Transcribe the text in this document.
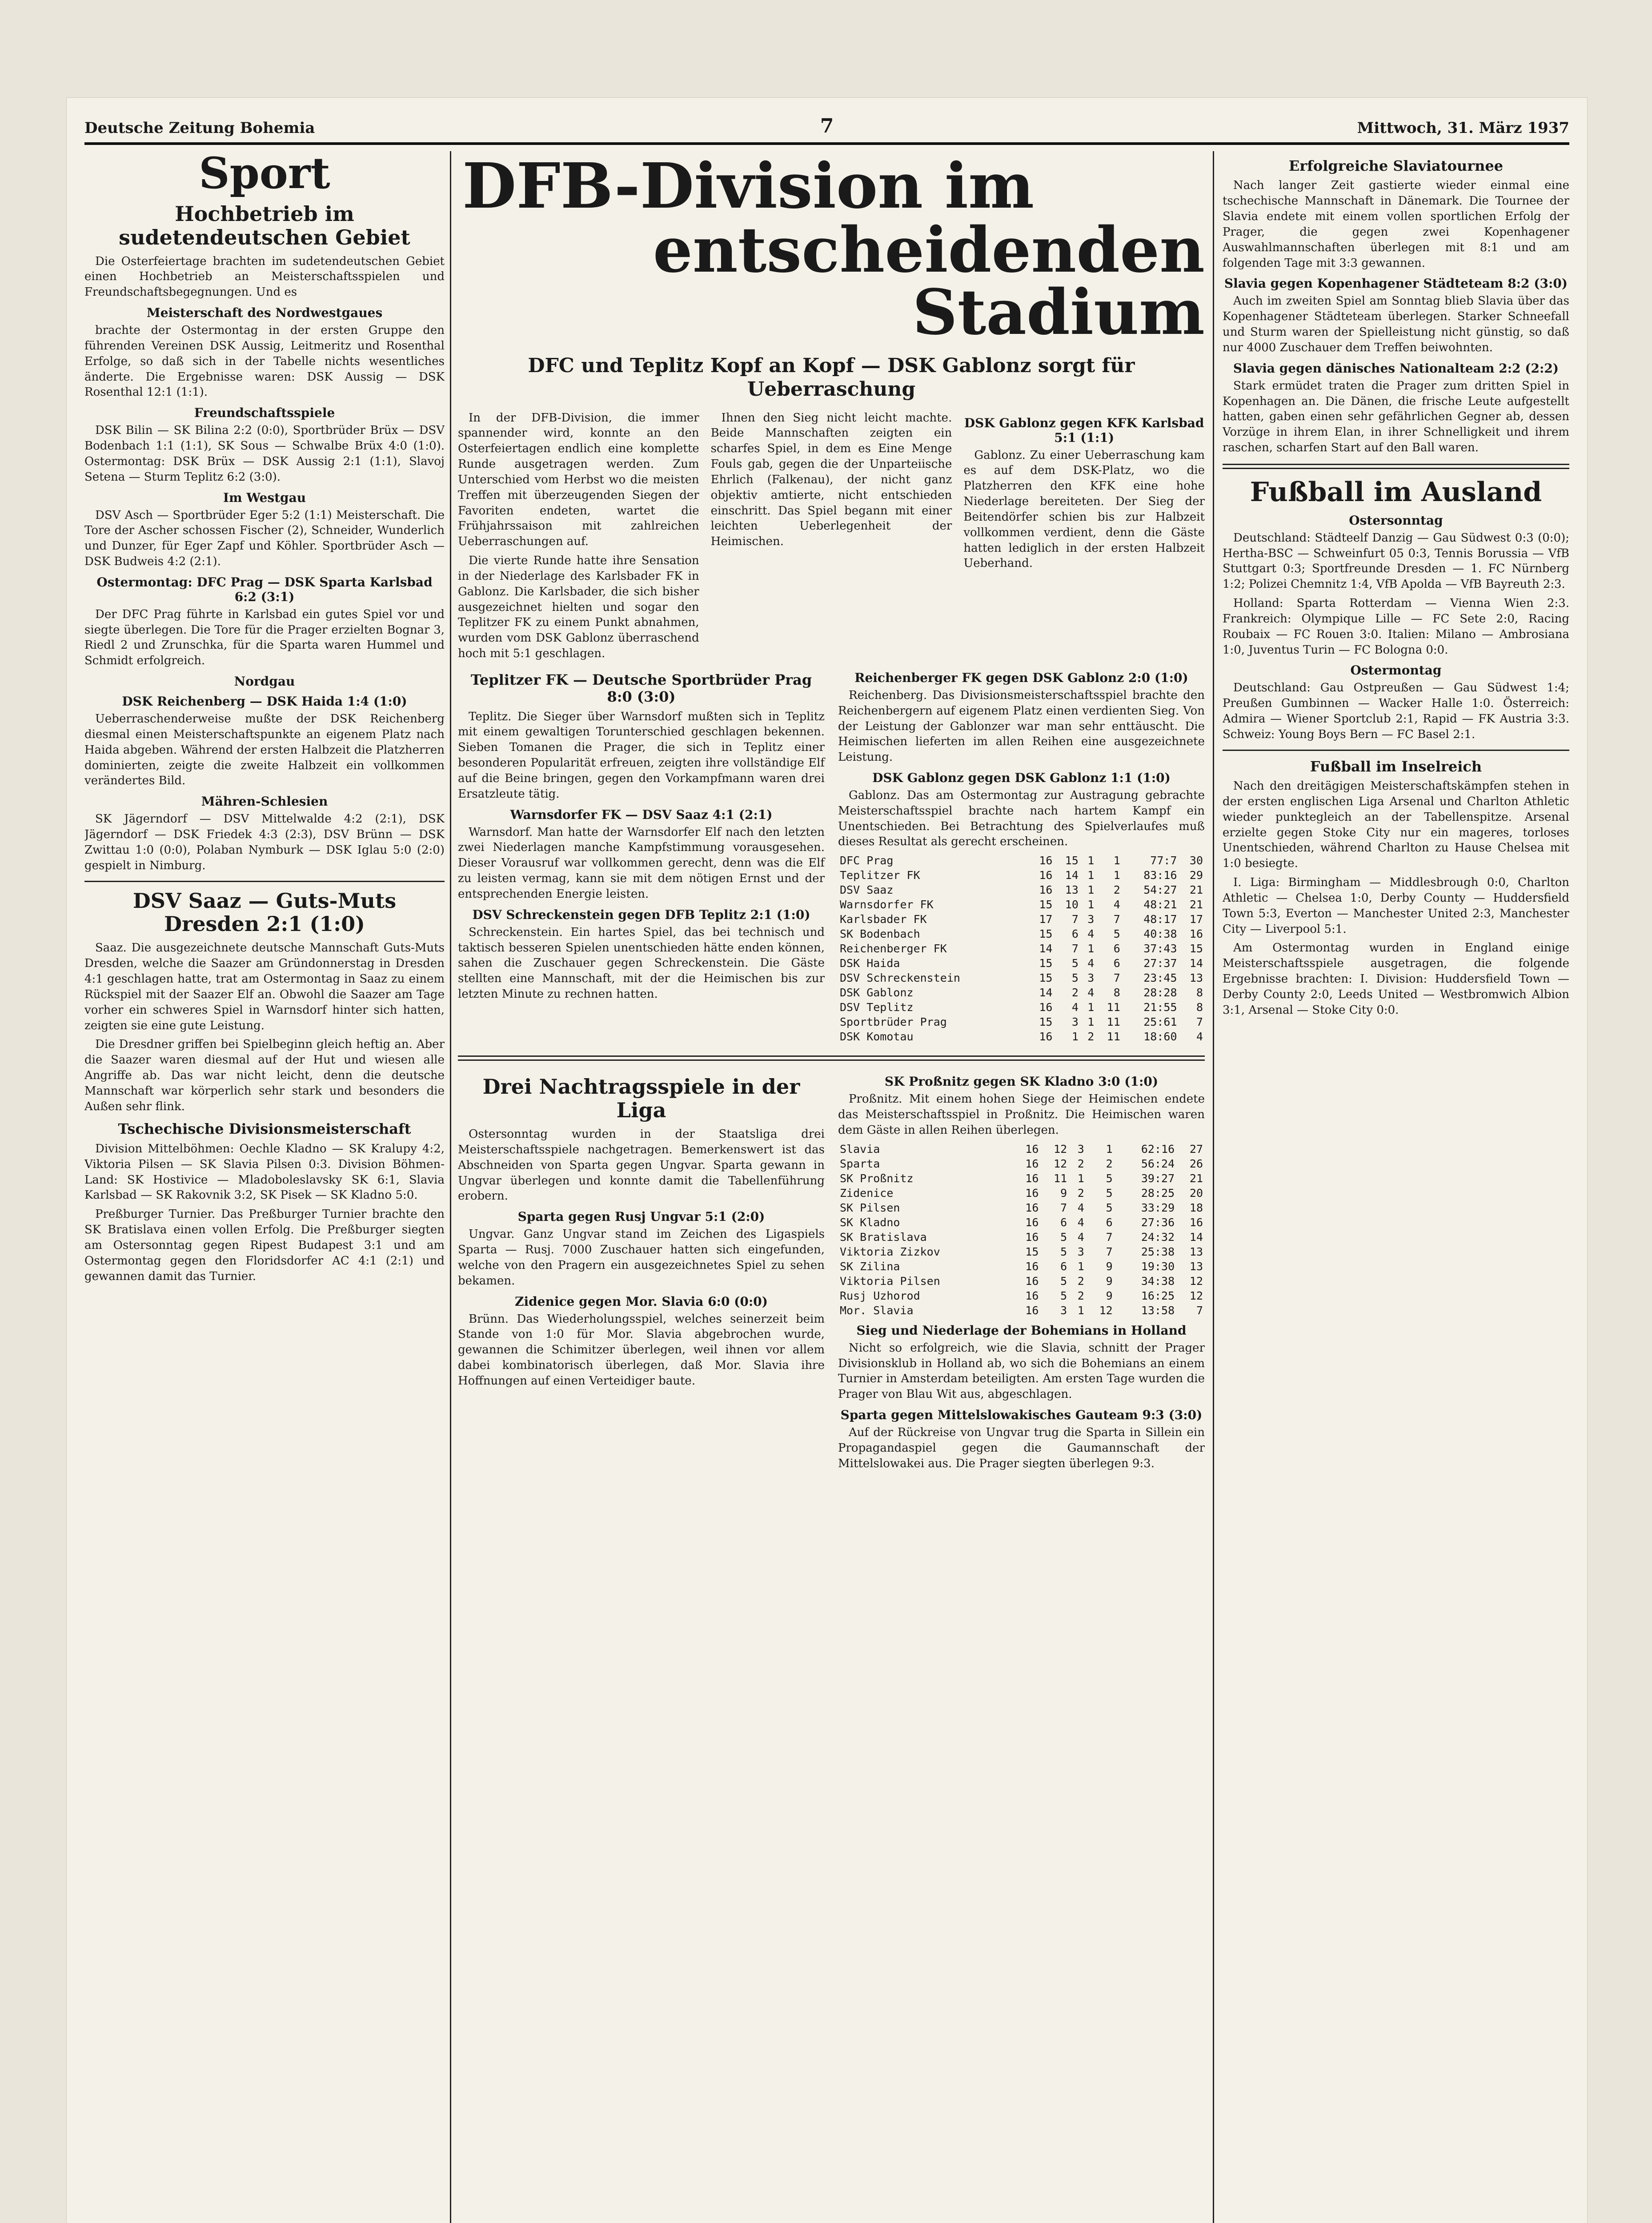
Deutsche Zeitung Bohemia	7	Mittwoch, 31. März 1937
Sport
Hochbetrieb im sudetendeutschen Gebiet

Die Osterfeiertage brachten im sudetendeutschen Gebiet einen Hochbetrieb an Meisterschaftsspielen und Freundschaftsbegegnungen. Und es

Meisterschaft des Nordwestgaues

brachte der Ostermontag in der ersten Gruppe den führenden Vereinen DSK Aussig, Leitmeritz und Rosenthal Erfolge, so daß sich in der Tabelle nichts wesentliches änderte. Die Ergebnisse waren: DSK Aussig — DSK Rosenthal 12:1 (1:1).

Freundschaftsspiele

DSK Bilin — SK Bilina 2:2 (0:0), Sportbrüder Brüx — DSV Bodenbach 1:1 (1:1), SK Sous — Schwalbe Brüx 4:0 (1:0). Ostermontag: DSK Brüx — DSK Aussig 2:1 (1:1), Slavoj Setena — Sturm Teplitz 6:2 (3:0).

Im Westgau

DSV Asch — Sportbrüder Eger 5:2 (1:1) Meisterschaft. Die Tore der Ascher schossen Fischer (2), Schneider, Wunderlich und Dunzer, für Eger Zapf und Köhler. Sportbrüder Asch — DSK Budweis 4:2 (2:1).

Ostermontag: DFC Prag — DSK Sparta Karlsbad 6:2 (3:1)

Der DFC Prag führte in Karlsbad ein gutes Spiel vor und siegte überlegen. Die Tore für die Prager erzielten Bognar 3, Riedl 2 und Zrunschka, für die Sparta waren Hummel und Schmidt erfolgreich.

Nordgau
DSK Reichenberg — DSK Haida 1:4 (1:0)

Ueberraschenderweise mußte der DSK Reichenberg diesmal einen Meisterschaftspunkte an eigenem Platz nach Haida abgeben. Während der ersten Halbzeit die Platzherren dominierten, zeigte die zweite Halbzeit ein vollkommen verändertes Bild.

Mähren-Schlesien

SK Jägerndorf — DSV Mittelwalde 4:2 (2:1), DSK Jägerndorf — DSK Friedek 4:3 (2:3), DSV Brünn — DSK Zwittau 1:0 (0:0), Polaban Nymburk — DSK Iglau 5:0 (2:0) gespielt in Nimburg.

DSV Saaz — Guts-Muts Dresden 2:1 (1:0)

Saaz. Die ausgezeichnete deutsche Mannschaft Guts-Muts Dresden, welche die Saazer am Gründonnerstag in Dresden 4:1 geschlagen hatte, trat am Ostermontag in Saaz zu einem Rückspiel mit der Saazer Elf an. Obwohl die Saazer am Tage vorher ein schweres Spiel in Warnsdorf hinter sich hatten, zeigten sie eine gute Leistung.

Die Dresdner griffen bei Spielbeginn gleich heftig an. Aber die Saazer waren diesmal auf der Hut und wiesen alle Angriffe ab. Das war nicht leicht, denn die deutsche Mannschaft war körperlich sehr stark und besonders die Außen sehr flink.

Tschechische Divisionsmeisterschaft

Division Mittelböhmen: Oechle Kladno — SK Kralupy 4:2, Viktoria Pilsen — SK Slavia Pilsen 0:3. Division Böhmen-Land: SK Hostivice — Mladoboleslavsky SK 6:1, Slavia Karlsbad — SK Rakovnik 3:2, SK Pisek — SK Kladno 5:0.

Preßburger Turnier. Das Preßburger Turnier brachte den SK Bratislava einen vollen Erfolg. Die Preßburger siegten am Ostersonntag gegen Ripest Budapest 3:1 und am Ostermontag gegen den Floridsdorfer AC 4:1 (2:1) und gewannen damit das Turnier.

DFB-Division im
entscheidenden Stadium
DFC und Teplitz Kopf an Kopf — DSK Gablonz sorgt für Ueberraschung

In der DFB-Division, die immer spannender wird, konnte an den Osterfeiertagen endlich eine komplette Runde ausgetragen werden. Zum Unterschied vom Herbst wo die meisten Treffen mit überzeugenden Siegen der Favoriten endeten, wartet die Frühjahrssaison mit zahlreichen Ueberraschungen auf.

Die vierte Runde hatte ihre Sensation in der Niederlage des Karlsbader FK in Gablonz. Die Karlsbader, die sich bisher ausgezeichnet hielten und sogar den Teplitzer FK zu einem Punkt abnahmen, wurden vom DSK Gablonz überraschend hoch mit 5:1 geschlagen.

Ihnen den Sieg nicht leicht machte. Beide Mannschaften zeigten ein scharfes Spiel, in dem es Eine Menge Fouls gab, gegen die der Unparteiische Ehrlich (Falkenau), der nicht ganz objektiv amtierte, nicht entschieden einschritt. Das Spiel begann mit einer leichten Ueberlegenheit der Heimischen.

DSK Gablonz gegen KFK Karlsbad 5:1 (1:1)

Gablonz. Zu einer Ueberraschung kam es auf dem DSK-Platz, wo die Platzherren den KFK eine hohe Niederlage bereiteten. Der Sieg der Beitendörfer schien bis zur Halbzeit vollkommen verdient, denn die Gäste hatten lediglich in der ersten Halbzeit Ueberhand.

Teplitzer FK — Deutsche Sportbrüder Prag 8:0 (3:0)

Teplitz. Die Sieger über Warnsdorf mußten sich in Teplitz mit einem gewaltigen Torunterschied geschlagen bekennen. Sieben Tomanen die Prager, die sich in Teplitz einer besonderen Popularität erfreuen, zeigten ihre vollständige Elf auf die Beine bringen, gegen den Vorkampfmann waren drei Ersatzleute tätig.

Warnsdorfer FK — DSV Saaz 4:1 (2:1)

Warnsdorf. Man hatte der Warnsdorfer Elf nach den letzten zwei Niederlagen manche Kampfstimmung vorausgesehen. Dieser Vorausruf war vollkommen gerecht, denn was die Elf zu leisten vermag, kann sie mit dem nötigen Ernst und der entsprechenden Energie leisten.

DSV Schreckenstein gegen DFB Teplitz 2:1 (1:0)

Schreckenstein. Ein hartes Spiel, das bei technisch und taktisch besseren Spielen unentschieden hätte enden können, sahen die Zuschauer gegen Schreckenstein. Die Gäste stellten eine Mannschaft, mit der die Heimischen bis zur letzten Minute zu rechnen hatten.

Reichenberger FK gegen DSK Gablonz 2:0 (1:0)

Reichenberg. Das Divisionsmeisterschaftsspiel brachte den Reichenbergern auf eigenem Platz einen verdienten Sieg. Von der Leistung der Gablonzer war man sehr enttäuscht. Die Heimischen lieferten im allen Reihen eine ausgezeichnete Leistung.

DSK Gablonz gegen DSK Gablonz 1:1 (1:0)

Gablonz. Das am Ostermontag zur Austragung gebrachte Meisterschaftsspiel brachte nach hartem Kampf ein Unentschieden. Bei Betrachtung des Spielverlaufes muß dieses Resultat als gerecht erscheinen.

DFC Prag	16	15	1	1	77:7	30
Teplitzer FK	16	14	1	1	83:16	29
DSV Saaz	16	13	1	2	54:27	21
Warnsdorfer FK	15	10	1	4	48:21	21
Karlsbader FK	17	7	3	7	48:17	17
SK Bodenbach	15	6	4	5	40:38	16
Reichenberger FK	14	7	1	6	37:43	15
DSK Haida	15	5	4	6	27:37	14
DSV Schreckenstein	15	5	3	7	23:45	13
DSK Gablonz	14	2	4	8	28:28	8
DSV Teplitz	16	4	1	11	21:55	8
Sportbrüder Prag	15	3	1	11	25:61	7
DSK Komotau	16	1	2	11	18:60	4
Drei Nachtragsspiele in der Liga

Ostersonntag wurden in der Staatsliga drei Meisterschaftsspiele nachgetragen. Bemerkenswert ist das Abschneiden von Sparta gegen Ungvar. Sparta gewann in Ungvar überlegen und konnte damit die Tabellenführung erobern.

Sparta gegen Rusj Ungvar 5:1 (2:0)

Ungvar. Ganz Ungvar stand im Zeichen des Ligaspiels Sparta — Rusj. 7000 Zuschauer hatten sich eingefunden, welche von den Pragern ein ausgezeichnetes Spiel zu sehen bekamen.

Zidenice gegen Mor. Slavia 6:0 (0:0)

Brünn. Das Wiederholungsspiel, welches seinerzeit beim Stande von 1:0 für Mor. Slavia abgebrochen wurde, gewannen die Schimitzer überlegen, weil ihnen vor allem dabei kombinatorisch überlegen, daß Mor. Slavia ihre Hoffnungen auf einen Verteidiger baute.

SK Proßnitz gegen SK Kladno 3:0 (1:0)

Proßnitz. Mit einem hohen Siege der Heimischen endete das Meisterschaftsspiel in Proßnitz. Die Heimischen waren dem Gäste in allen Reihen überlegen.

Slavia	16	12	3	1	62:16	27
Sparta	16	12	2	2	56:24	26
SK Proßnitz	16	11	1	5	39:27	21
Zidenice	16	9	2	5	28:25	20
SK Pilsen	16	7	4	5	33:29	18
SK Kladno	16	6	4	6	27:36	16
SK Bratislava	16	5	4	7	24:32	14
Viktoria Zizkov	15	5	3	7	25:38	13
SK Zilina	16	6	1	9	19:30	13
Viktoria Pilsen	16	5	2	9	34:38	12
Rusj Uzhorod	16	5	2	9	16:25	12
Mor. Slavia	16	3	1	12	13:58	7
Sieg und Niederlage der Bohemians in Holland

Nicht so erfolgreich, wie die Slavia, schnitt der Prager Divisionsklub in Holland ab, wo sich die Bohemians an einem Turnier in Amsterdam beteiligten. Am ersten Tage wurden die Prager von Blau Wit aus, abgeschlagen.

Sparta gegen Mittelslowakisches Gauteam 9:3 (3:0)

Auf der Rückreise von Ungvar trug die Sparta in Sillein ein Propagandaspiel gegen die Gaumannschaft der Mittelslowakei aus. Die Prager siegten überlegen 9:3.

Erfolgreiche Slaviatournee

Nach langer Zeit gastierte wieder einmal eine tschechische Mannschaft in Dänemark. Die Tournee der Slavia endete mit einem vollen sportlichen Erfolg der Prager, die gegen zwei Kopenhagener Auswahlmannschaften überlegen mit 8:1 und am folgenden Tage mit 3:3 gewannen.

Slavia gegen Kopenhagener Städteteam 8:2 (3:0)

Auch im zweiten Spiel am Sonntag blieb Slavia über das Kopenhagener Städteteam überlegen. Starker Schneefall und Sturm waren der Spielleistung nicht günstig, so daß nur 4000 Zuschauer dem Treffen beiwohnten.

Slavia gegen dänisches Nationalteam 2:2 (2:2)

Stark ermüdet traten die Prager zum dritten Spiel in Kopenhagen an. Die Dänen, die frische Leute aufgestellt hatten, gaben einen sehr gefährlichen Gegner ab, dessen Vorzüge in ihrem Elan, in ihrer Schnelligkeit und ihrem raschen, scharfen Start auf den Ball waren.

Fußball im Ausland
Ostersonntag

Deutschland: Städteelf Danzig — Gau Südwest 0:3 (0:0); Hertha-BSC — Schweinfurt 05 0:3, Tennis Borussia — VfB Stuttgart 0:3; Sportfreunde Dresden — 1. FC Nürnberg 1:2; Polizei Chemnitz 1:4, VfB Apolda — VfB Bayreuth 2:3.

Holland: Sparta Rotterdam — Vienna Wien 2:3. Frankreich: Olympique Lille — FC Sete 2:0, Racing Roubaix — FC Rouen 3:0. Italien: Milano — Ambrosiana 1:0, Juventus Turin — FC Bologna 0:0.

Ostermontag

Deutschland: Gau Ostpreußen — Gau Südwest 1:4; Preußen Gumbinnen — Wacker Halle 1:0. Österreich: Admira — Wiener Sportclub 2:1, Rapid — FK Austria 3:3. Schweiz: Young Boys Bern — FC Basel 2:1.

Fußball im Inselreich

Nach den dreitägigen Meisterschaftskämpfen stehen in der ersten englischen Liga Arsenal und Charlton Athletic wieder punktegleich an der Tabellenspitze. Arsenal erzielte gegen Stoke City nur ein mageres, torloses Unentschieden, während Charlton zu Hause Chelsea mit 1:0 besiegte.

I. Liga: Birmingham — Middlesbrough 0:0, Charlton Athletic — Chelsea 1:0, Derby County — Huddersfield Town 5:3, Everton — Manchester United 2:3, Manchester City — Liverpool 5:1.

Am Ostermontag wurden in England einige Meisterschaftsspiele ausgetragen, die folgende Ergebnisse brachten: I. Division: Huddersfield Town — Derby County 2:0, Leeds United — Westbromwich Albion 3:1, Arsenal — Stoke City 0:0.
